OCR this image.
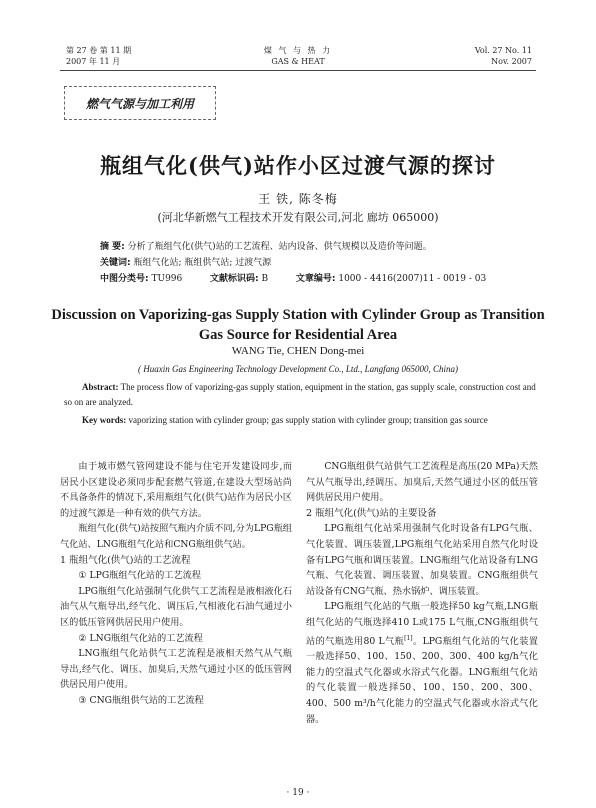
第 27 卷 第 11 期
2007 年 11 月
煤 气 与 热 力
GAS & HEAT
Vol. 27 No. 11
Nov. 2007
燃气气源与加工利用
瓶组气化(供气)站作小区过渡气源的探讨
王 铁, 陈冬梅
(河北华新燃气工程技术开发有限公司,河北 廊坊 065000)
摘 要: 分析了瓶组气化(供气)站的工艺流程、站内设备、供气规模以及造价等问题。
关键词: 瓶组气化站; 瓶组供气站; 过渡气源
中图分类号: TU996	文献标识码: B	文章编号: 1000 - 4416(2007)11 - 0019 - 03
Discussion on Vaporizing-gas Supply Station with Cylinder Group as Transition Gas Source for Residential Area
WANG Tie, CHEN Dong-mei
( Huaxin Gas Engineering Technology Development Co., Ltd., Langfang 065000, China)
Abstract: The process flow of vaporizing-gas supply station, equipment in the station, gas supply scale, construction cost and so on are analyzed.
Key words: vaporizing station with cylinder group; gas supply station with cylinder group; transition gas source

由于城市燃气管网建设不能与住宅开发建设同步,而居民小区建设必须同步配套燃气管道,在建设大型场站尚不具备条件的情况下,采用瓶组气化(供气)站作为居民小区的过渡气源是一种有效的供气方法。

瓶组气化(供气)站按照气瓶内介质不同,分为LPG瓶组气化站、LNG瓶组气化站和CNG瓶组供气站。

1 瓶组气化(供气)站的工艺流程

① LPG瓶组气化站的工艺流程

LPG瓶组气化站强制气化供气工艺流程是液相液化石油气从气瓶导出,经气化、调压后,气相液化石油气通过小区的低压管网供居民用户使用。

② LNG瓶组气化站的工艺流程

LNG瓶组气化站供气工艺流程是液相天然气从气瓶导出,经气化、调压、加臭后,天然气通过小区的低压管网供居民用户使用。

③ CNG瓶组供气站的工艺流程

CNG瓶组供气站供气工艺流程是高压(20 MPa)天然气从气瓶导出,经调压、加臭后,天然气通过小区的低压管网供居民用户使用。

2 瓶组气化(供气)站的主要设备

LPG瓶组气化站采用强制气化时设备有LPG气瓶、气化装置、调压装置,LPG瓶组气化站采用自然气化时设备有LPG气瓶和调压装置。LNG瓶组气化站设备有LNG气瓶、气化装置、调压装置、加臭装置。CNG瓶组供气站设备有CNG气瓶、热水锅炉、调压装置。

LPG瓶组气化站的气瓶一般选择50 kg气瓶,LNG瓶组气化站的气瓶选择410 L或175 L气瓶,CNG瓶组供气站的气瓶选用80 L气瓶[1]。LPG瓶组气化站的气化装置一般选择50、100、150、200、300、400 kg/h气化能力的空温式气化器或水浴式气化器。LNG瓶组气化站的气化装置一般选择50、100、150、200、300、400、500 m³/h气化能力的空温式气化器或水浴式气化器。

· 19 ·
